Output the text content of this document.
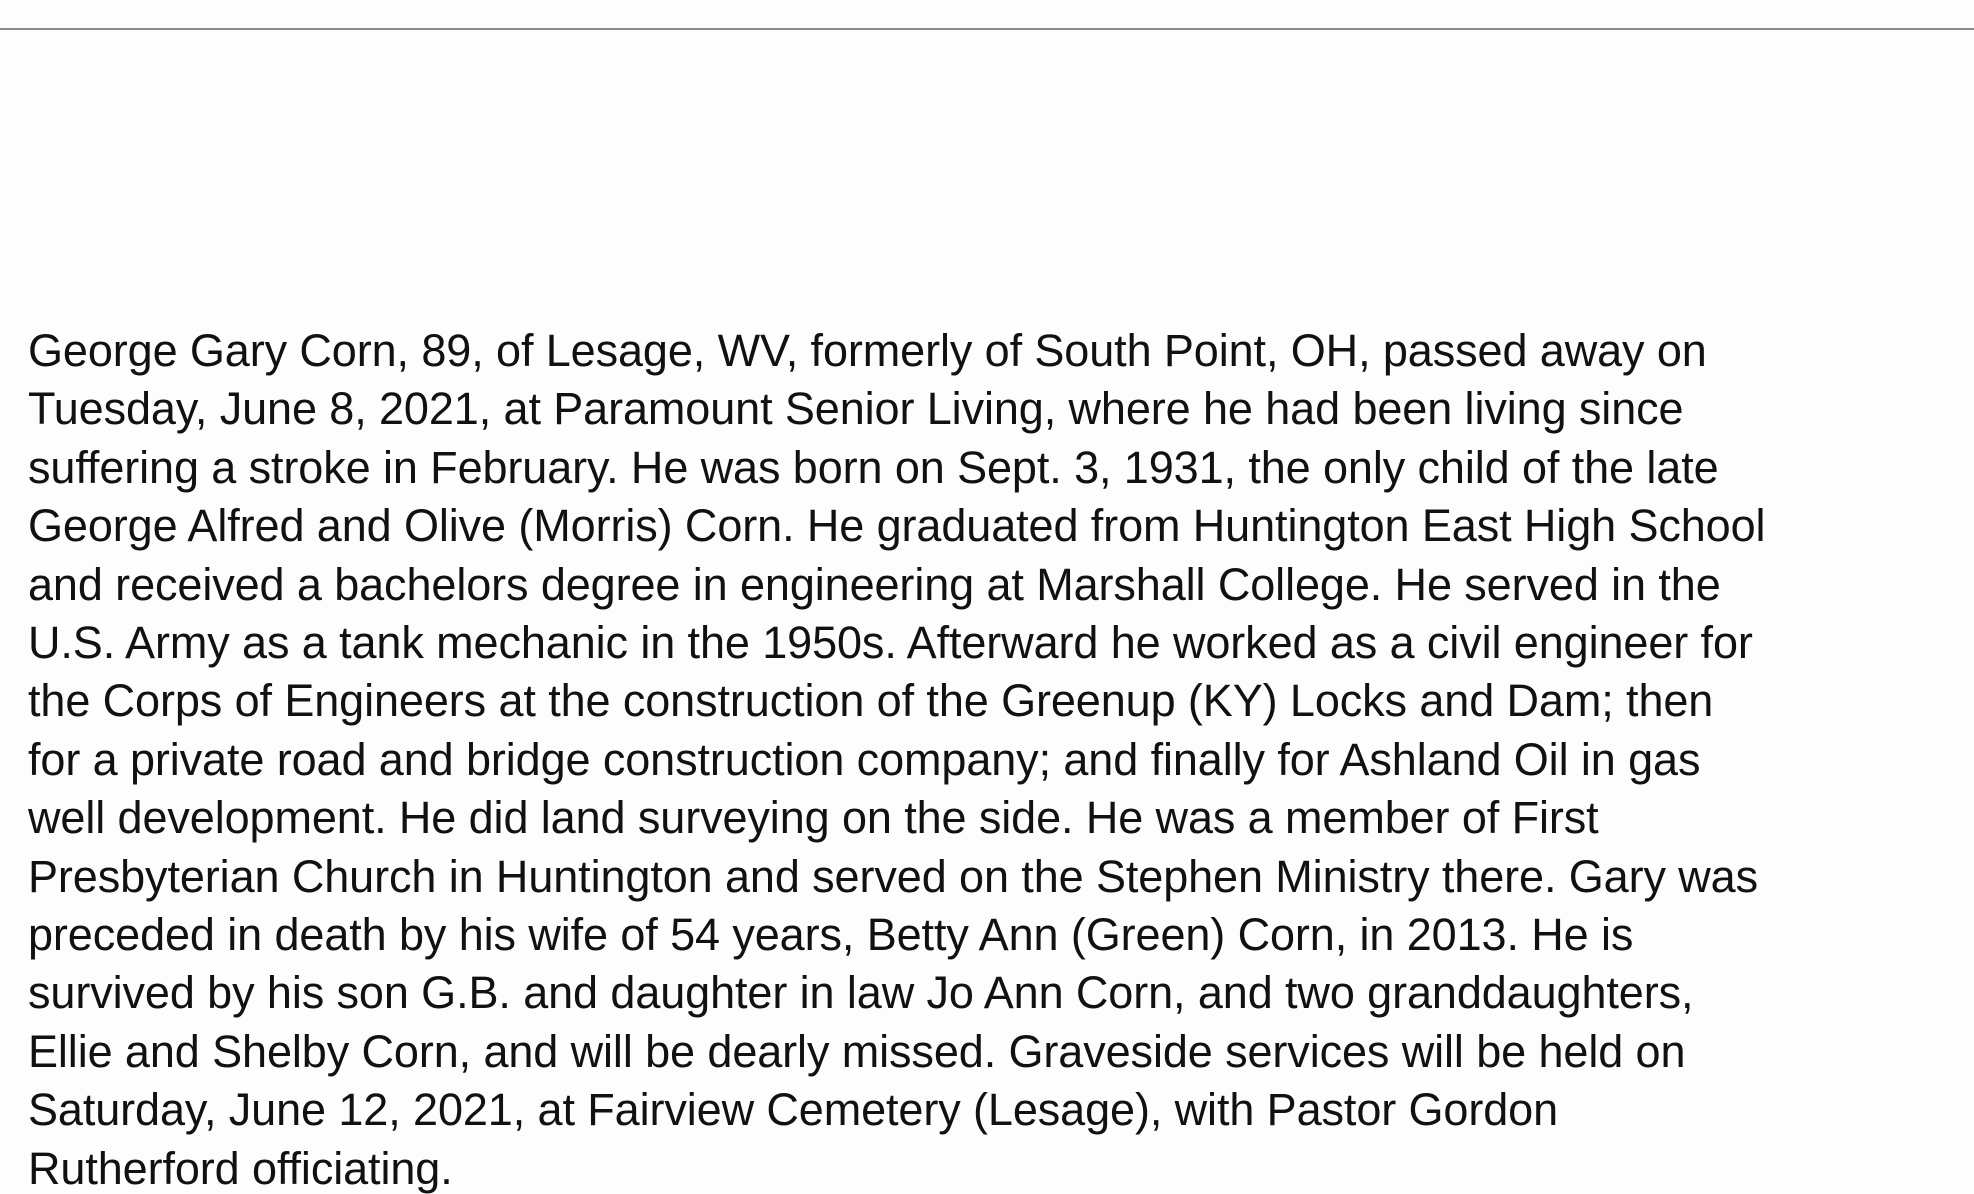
George Gary Corn, 89, of Lesage, WV, formerly of South Point, OH, passed away on
Tuesday, June 8, 2021, at Paramount Senior Living, where he had been living since
suffering a stroke in February. He was born on Sept. 3, 1931, the only child of the late
George Alfred and Olive (Morris) Corn. He graduated from Huntington East High School
and received a bachelors degree in engineering at Marshall College. He served in the
U.S. Army as a tank mechanic in the 1950s. Afterward he worked as a civil engineer for
the Corps of Engineers at the construction of the Greenup (KY) Locks and Dam; then
for a private road and bridge construction company; and finally for Ashland Oil in gas
well development. He did land surveying on the side. He was a member of First
Presbyterian Church in Huntington and served on the Stephen Ministry there. Gary was
preceded in death by his wife of 54 years, Betty Ann (Green) Corn, in 2013. He is
survived by his son G.B. and daughter in law Jo Ann Corn, and two granddaughters,
Ellie and Shelby Corn, and will be dearly missed. Graveside services will be held on
Saturday, June 12, 2021, at Fairview Cemetery (Lesage), with Pastor Gordon
Rutherford officiating.
